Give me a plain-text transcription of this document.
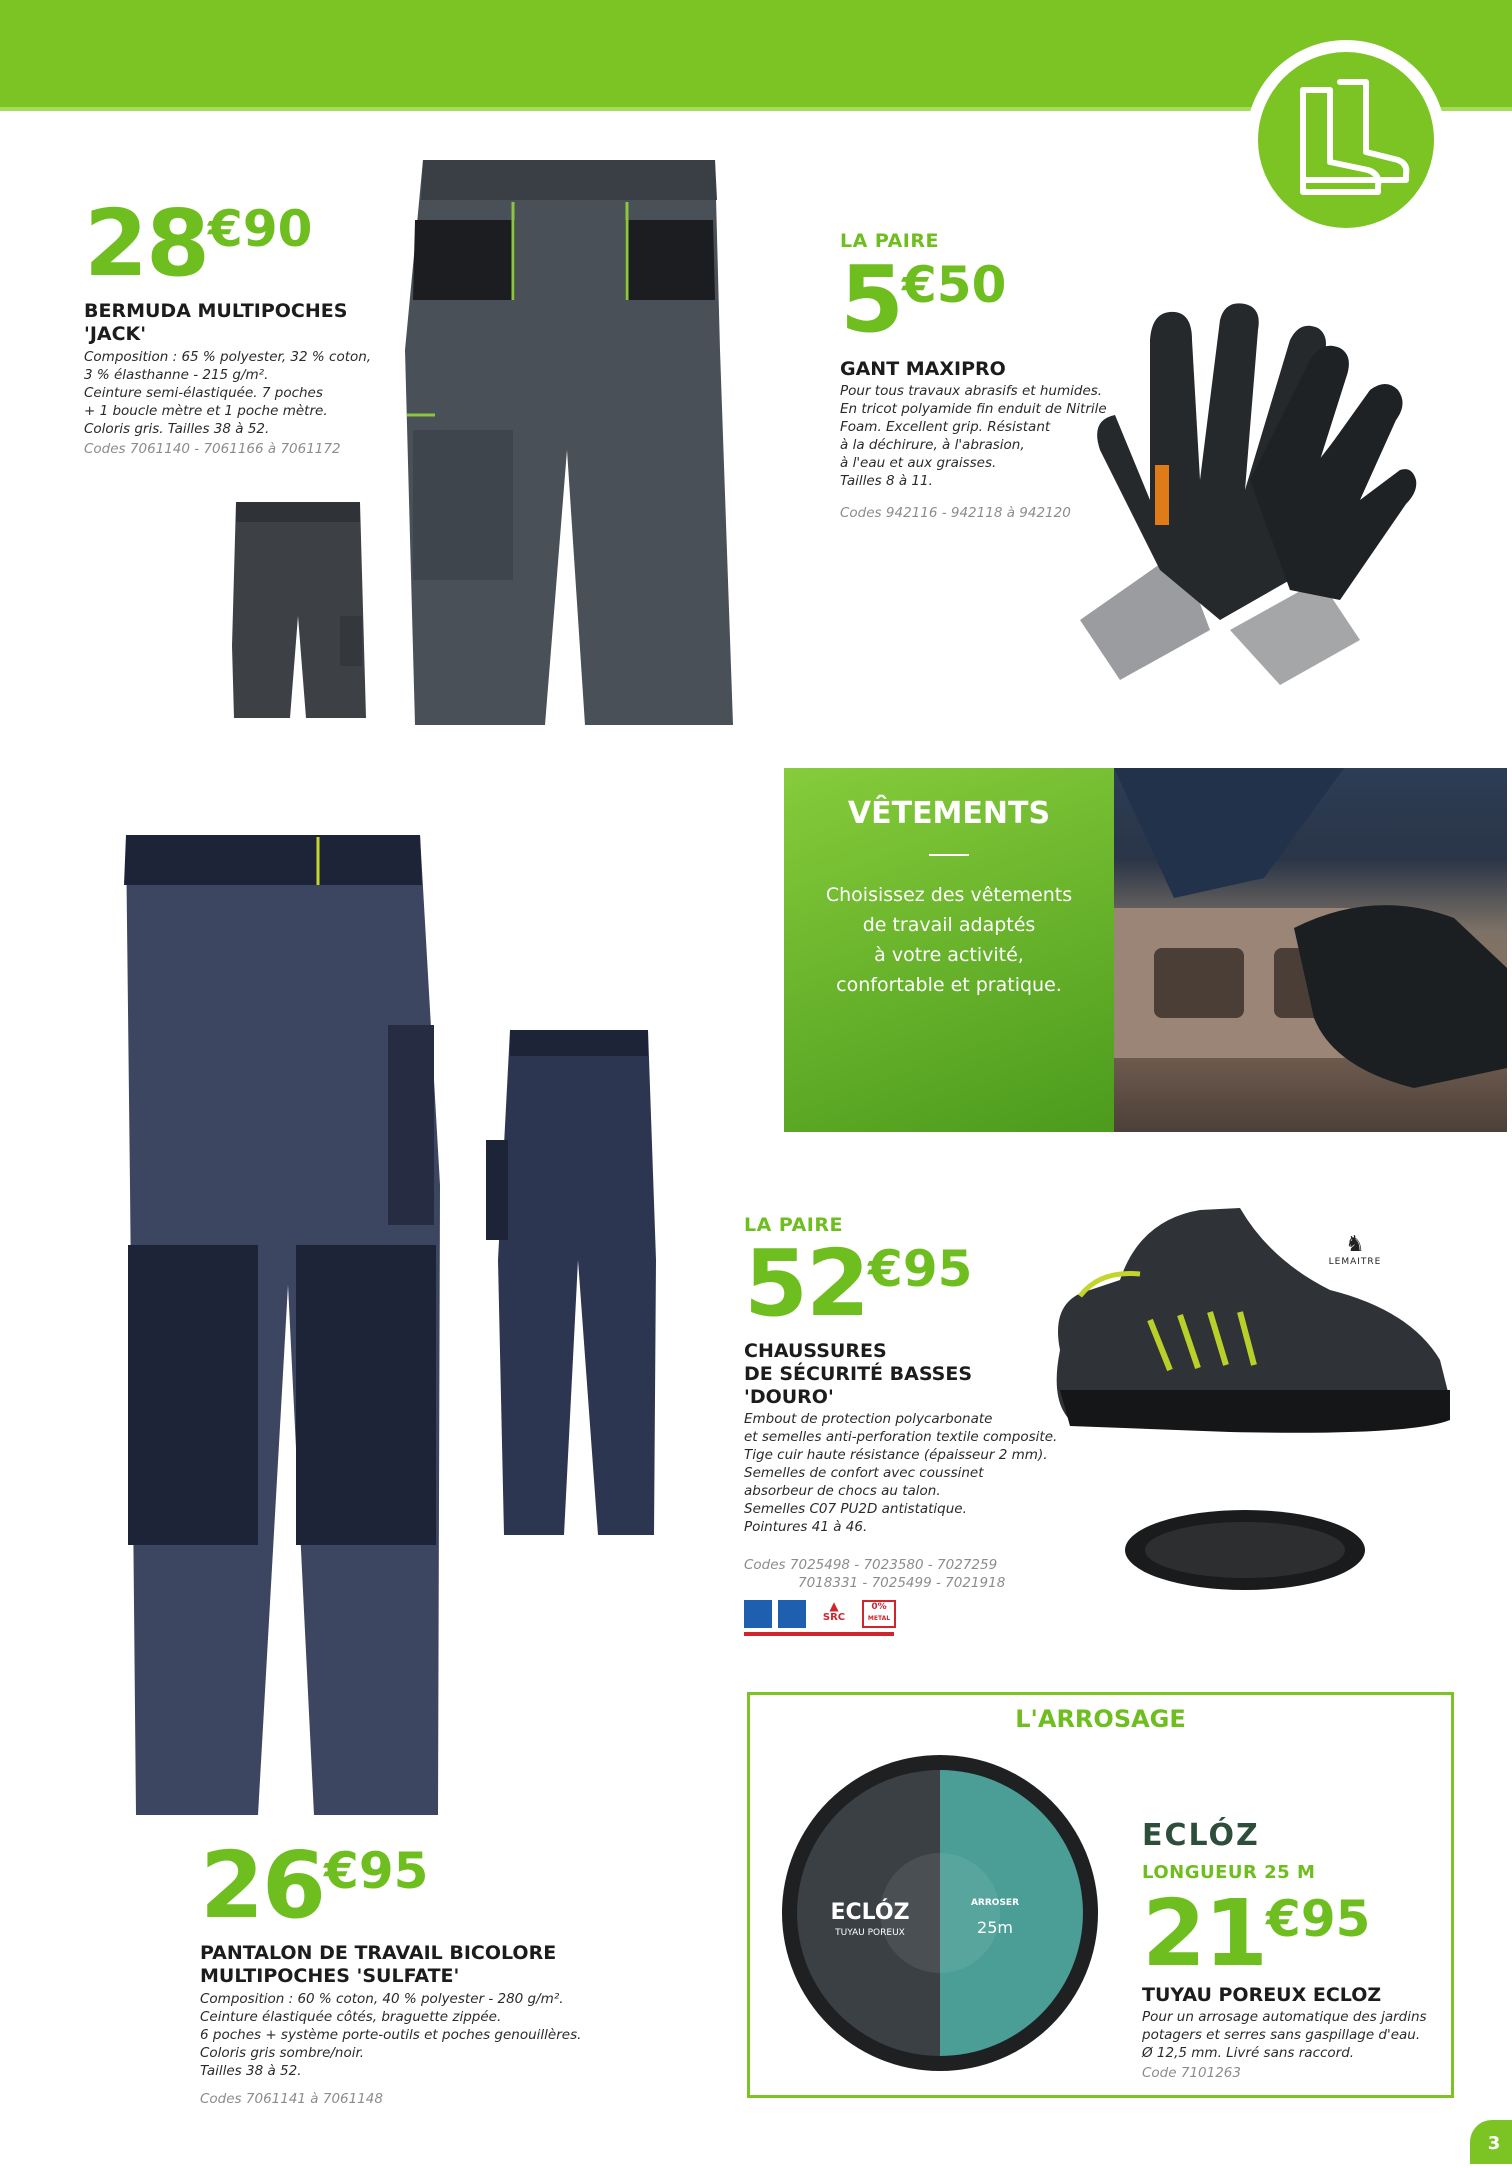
28€90
BERMUDA MULTIPOCHES
'JACK'
Composition : 65 % polyester, 32 % coton,
3 % élasthanne - 215 g/m².
Ceinture semi-élastiquée. 7 poches
+ 1 boucle mètre et 1 poche mètre.
Coloris gris. Tailles 38 à 52.
Codes 7061140 - 7061166 à 7061172
LA PAIRE
5€50
GANT MAXIPRO
Pour tous travaux abrasifs et humides.
En tricot polyamide fin enduit de Nitrile
Foam. Excellent grip. Résistant
à la déchirure, à l'abrasion,
à l'eau et aux graisses.
Tailles 8 à 11.
Codes 942116 - 942118 à 942120
VÊTEMENTS
Choisissez des vêtements
de travail adaptés
à votre activité,
confortable et pratique.
26€95
PANTALON DE TRAVAIL BICOLORE
MULTIPOCHES 'SULFATE'
Composition : 60 % coton, 40 % polyester - 280 g/m².
Ceinture élastiquée côtés, braguette zippée.
6 poches + système porte-outils et poches genouillères.
Coloris gris sombre/noir.
Tailles 38 à 52.
Codes 7061141 à 7061148
LA PAIRE
52€95
CHAUSSURES
DE SÉCURITÉ BASSES
'DOURO'
Embout de protection polycarbonate
et semelles anti-perforation textile composite.
Tige cuir haute résistance (épaisseur 2 mm).
Semelles de confort avec coussinet
absorbeur de chocs au talon.
Semelles C07 PU2D antistatique.
Pointures 41 à 46.
Codes 7025498 - 7023580 - 7027259
7018331 - 7025499 - 7021918
▲
SRC
0%
METAL
♞
LEMAITRE
L'ARROSAGE
ECLÓZ
TUYAU POREUX
ARROSER
25m
ECLÓZ
LONGUEUR 25 M
21€95
TUYAU POREUX ECLOZ
Pour un arrosage automatique des jardins
potagers et serres sans gaspillage d'eau.
Ø 12,5 mm. Livré sans raccord.
Code 7101263
3
